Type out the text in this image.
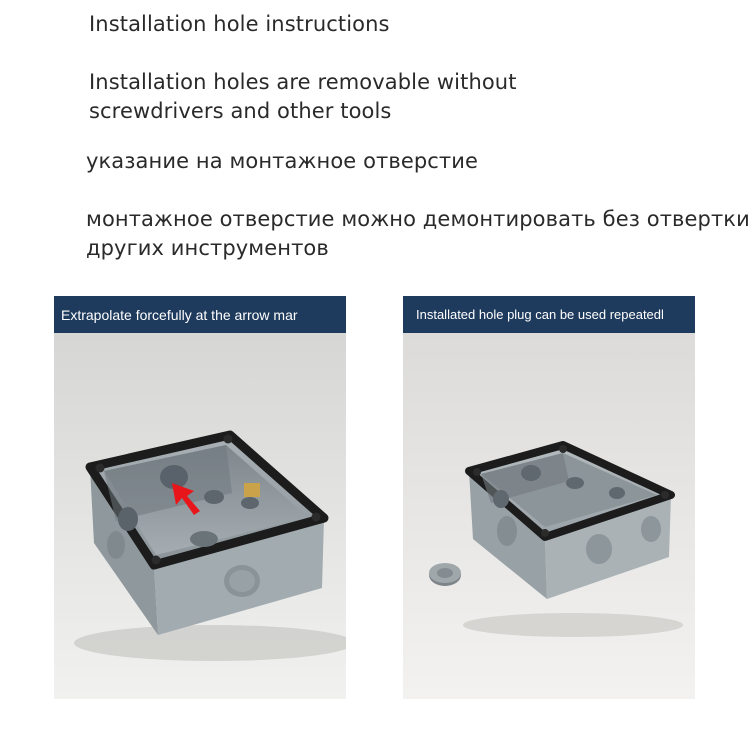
Installation hole instructions
Installation holes are removable without
screwdrivers and other tools
указание на монтажное отверстие
монтажное отверстие можно демонтировать без отвертки
других инструментов
Extrapolate forcefully at the arrow mar	Installated hole plug can be used repeatedl
